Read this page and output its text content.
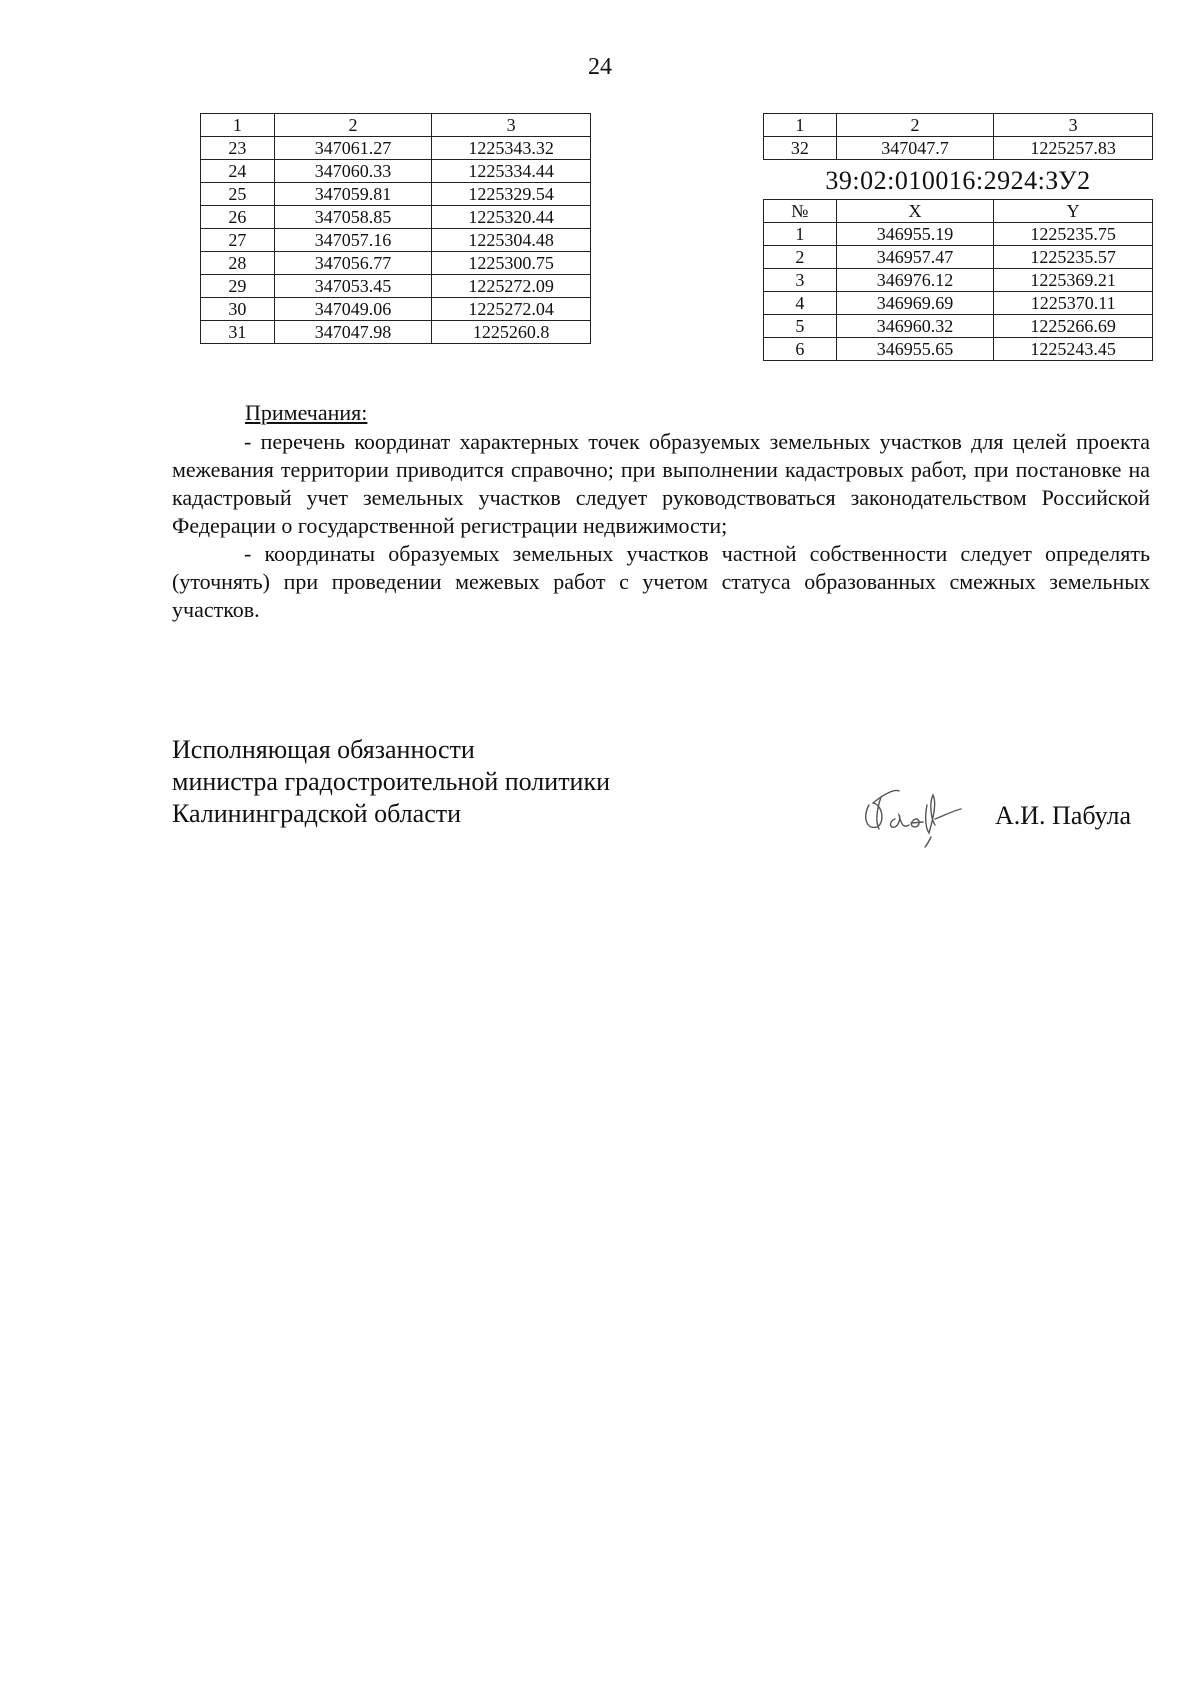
24
1	2	3
23	347061.27	1225343.32
24	347060.33	1225334.44
25	347059.81	1225329.54
26	347058.85	1225320.44
27	347057.16	1225304.48
28	347056.77	1225300.75
29	347053.45	1225272.09
30	347049.06	1225272.04
31	347047.98	1225260.8
1	2	3
32	347047.7	1225257.83
39:02:010016:2924:ЗУ2
№	X	Y
1	346955.19	1225235.75
2	346957.47	1225235.57
3	346976.12	1225369.21
4	346969.69	1225370.11
5	346960.32	1225266.69
6	346955.65	1225243.45
Примечания:

- перечень координат характерных точек образуемых земельных участков для целей проекта межевания территории приводится справочно; при выполнении кадастровых работ, при постановке на кадастровый учет земельных участков следует руководствоваться законодательством Российской Федерации о государственной регистрации недвижимости;

- координаты образуемых земельных участков частной собственности следует определять (уточнять) при проведении межевых работ с учетом статуса образованных смежных земельных участков.

Исполняющая обязанности
министра градостроительной политики
Калининградской области	А.И. Пабула
